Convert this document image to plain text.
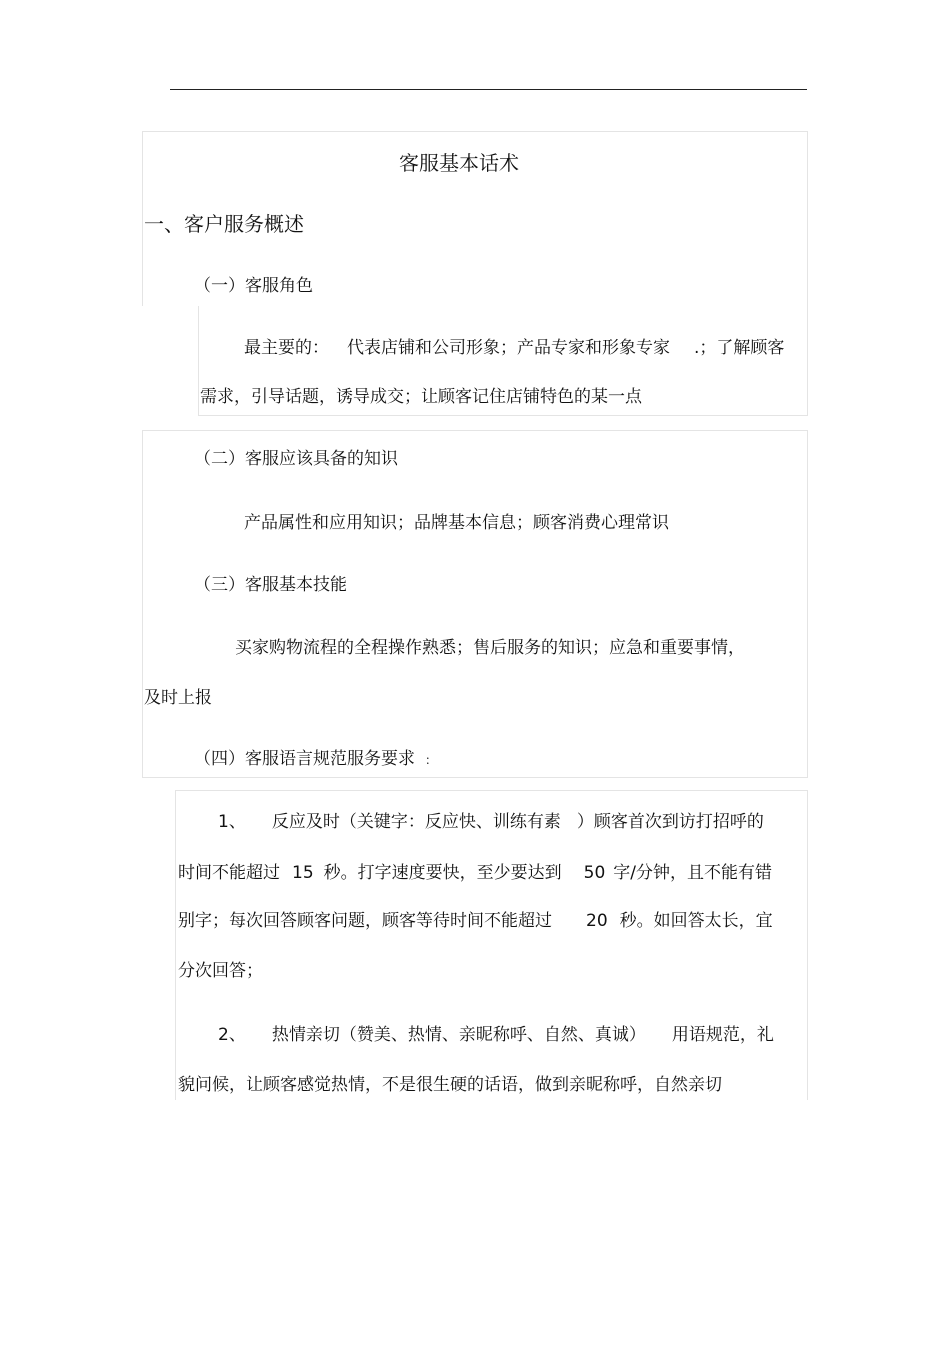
客服基本话术
一、客户服务概述
（一）客服角色
最主要的： 代表店铺和公司形象；产品专家和形象专家 .；了解顾客
需求，引导话题，诱导成交；让顾客记住店铺特色的某一点
（二）客服应该具备的知识
产品属性和应用知识；品牌基本信息；顾客消费心理常识
（三）客服基本技能
买家购物流程的全程操作熟悉；售后服务的知识；应急和重要事情，
及时上报
（四）客服语言规范服务要求 ：
1、 反应及时（关键字：反应快、训练有素 ）顾客首次到访打招呼的
时间不能超过 15 秒。打字速度要快，至少要达到 50 字/分钟，且不能有错
别字；每次回答顾客问题，顾客等待时间不能超过 20 秒。如回答太长，宜
分次回答；
2、 热情亲切（赞美、热情、亲昵称呼、自然、真诚） 用语规范，礼
貌问候，让顾客感觉热情，不是很生硬的话语，做到亲昵称呼，自然亲切
